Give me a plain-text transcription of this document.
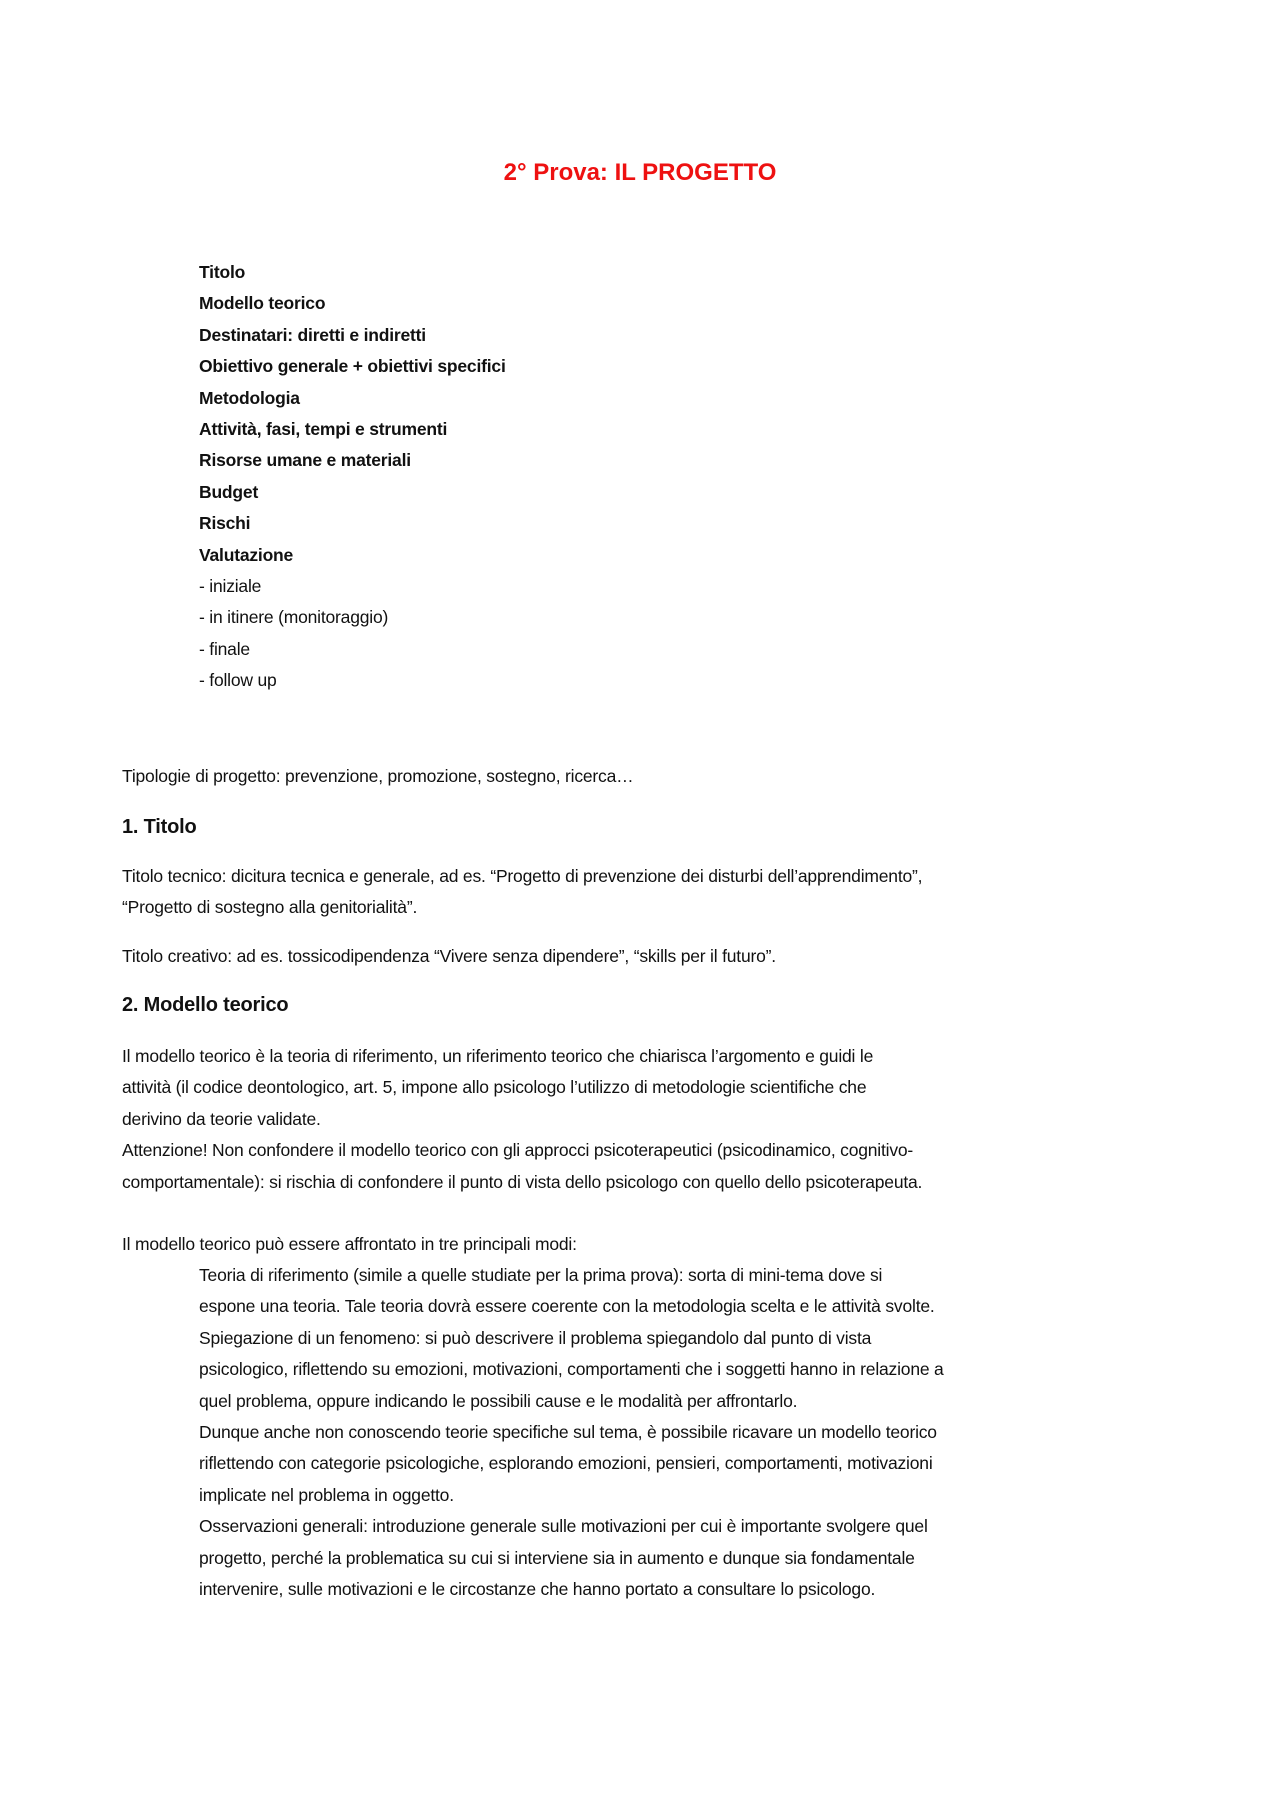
2° Prova: IL PROGETTO
Titolo
Modello teorico
Destinatari: diretti e indiretti
Obiettivo generale + obiettivi specifici
Metodologia
Attività, fasi, tempi e strumenti
Risorse umane e materiali
Budget
Rischi
Valutazione
- iniziale
- in itinere (monitoraggio)
- finale
- follow up
Tipologie di progetto: prevenzione, promozione, sostegno, ricerca…
1. Titolo
Titolo tecnico: dicitura tecnica e generale, ad es. “Progetto di prevenzione dei disturbi dell’apprendimento”,
“Progetto di sostegno alla genitorialità”.
Titolo creativo: ad es. tossicodipendenza “Vivere senza dipendere”, “skills per il futuro”.
2. Modello teorico
Il modello teorico è la teoria di riferimento, un riferimento teorico che chiarisca l’argomento e guidi le
attività (il codice deontologico, art. 5, impone allo psicologo l’utilizzo di metodologie scientifiche che
derivino da teorie validate.
Attenzione! Non confondere il modello teorico con gli approcci psicoterapeutici (psicodinamico, cognitivo-
comportamentale): si rischia di confondere il punto di vista dello psicologo con quello dello psicoterapeuta.
Il modello teorico può essere affrontato in tre principali modi:
Teoria di riferimento (simile a quelle studiate per la prima prova): sorta di mini-tema dove si
espone una teoria. Tale teoria dovrà essere coerente con la metodologia scelta e le attività svolte.
Spiegazione di un fenomeno: si può descrivere il problema spiegandolo dal punto di vista
psicologico, riflettendo su emozioni, motivazioni, comportamenti che i soggetti hanno in relazione a
quel problema, oppure indicando le possibili cause e le modalità per affrontarlo.
Dunque anche non conoscendo teorie specifiche sul tema, è possibile ricavare un modello teorico
riflettendo con categorie psicologiche, esplorando emozioni, pensieri, comportamenti, motivazioni
implicate nel problema in oggetto.
Osservazioni generali: introduzione generale sulle motivazioni per cui è importante svolgere quel
progetto, perché la problematica su cui si interviene sia in aumento e dunque sia fondamentale
intervenire, sulle motivazioni e le circostanze che hanno portato a consultare lo psicologo.
